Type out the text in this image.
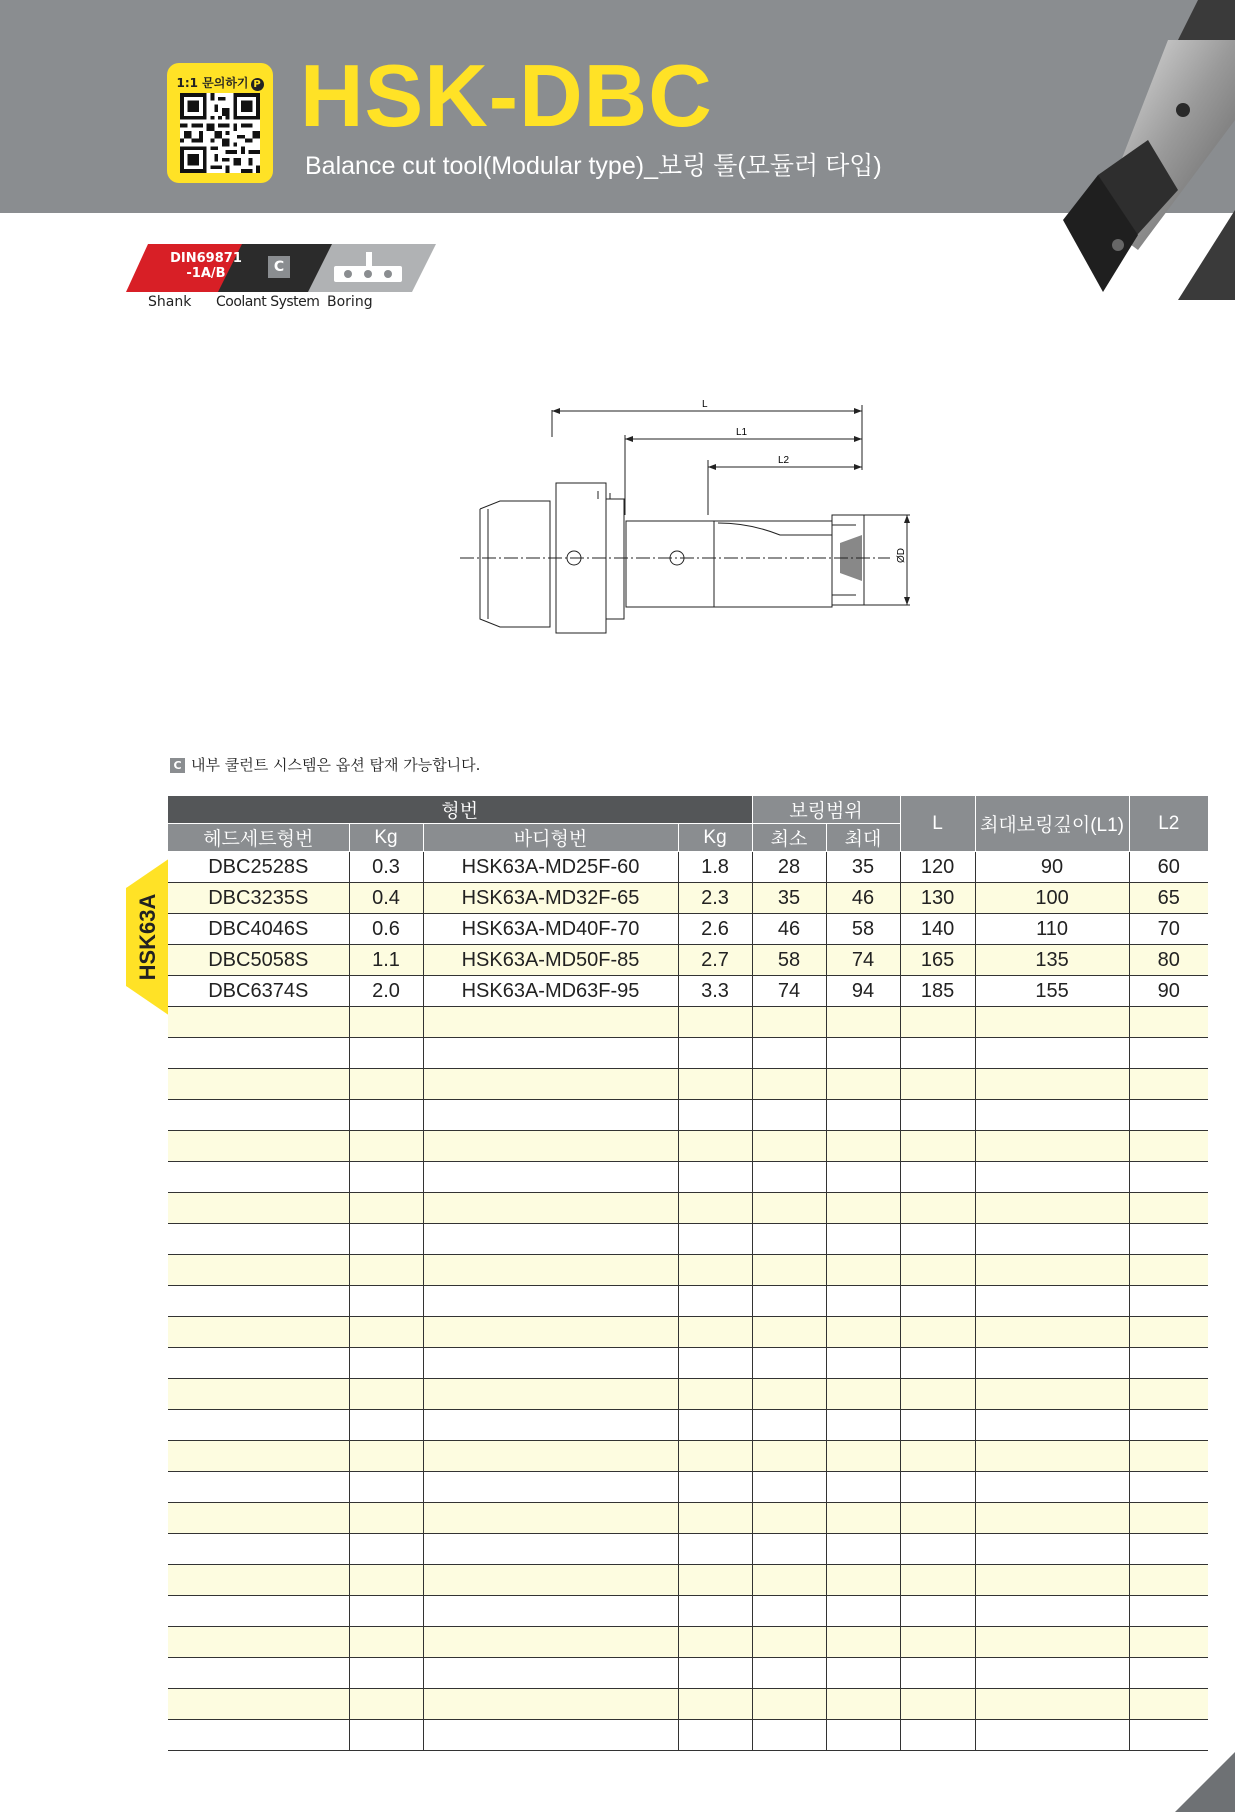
1:1 문의하기 P HSK-DBC
Balance cut tool(Modular type)_보링 툴(모듈러 타입)
DIN69871 -1A/B	C
Shank Coolant System Boring
L
L1
L2
ØD
C 내부 쿨런트 시스템은 옵션 탑재 가능합니다.
HSK63A
형번				보링범위		L	최대보링깊이(L1)	L2
헤드세트형번	Kg	바디형번	Kg	최소	최대			
DBC2528S	0.3	HSK63A-MD25F-60	1.8	28	35	120	90	60
DBC3235S	0.4	HSK63A-MD32F-65	2.3	35	46	130	100	65
DBC4046S	0.6	HSK63A-MD40F-70	2.6	46	58	140	110	70
DBC5058S	1.1	HSK63A-MD50F-85	2.7	58	74	165	135	80
DBC6374S	2.0	HSK63A-MD63F-95	3.3	74	94	185	155	90
